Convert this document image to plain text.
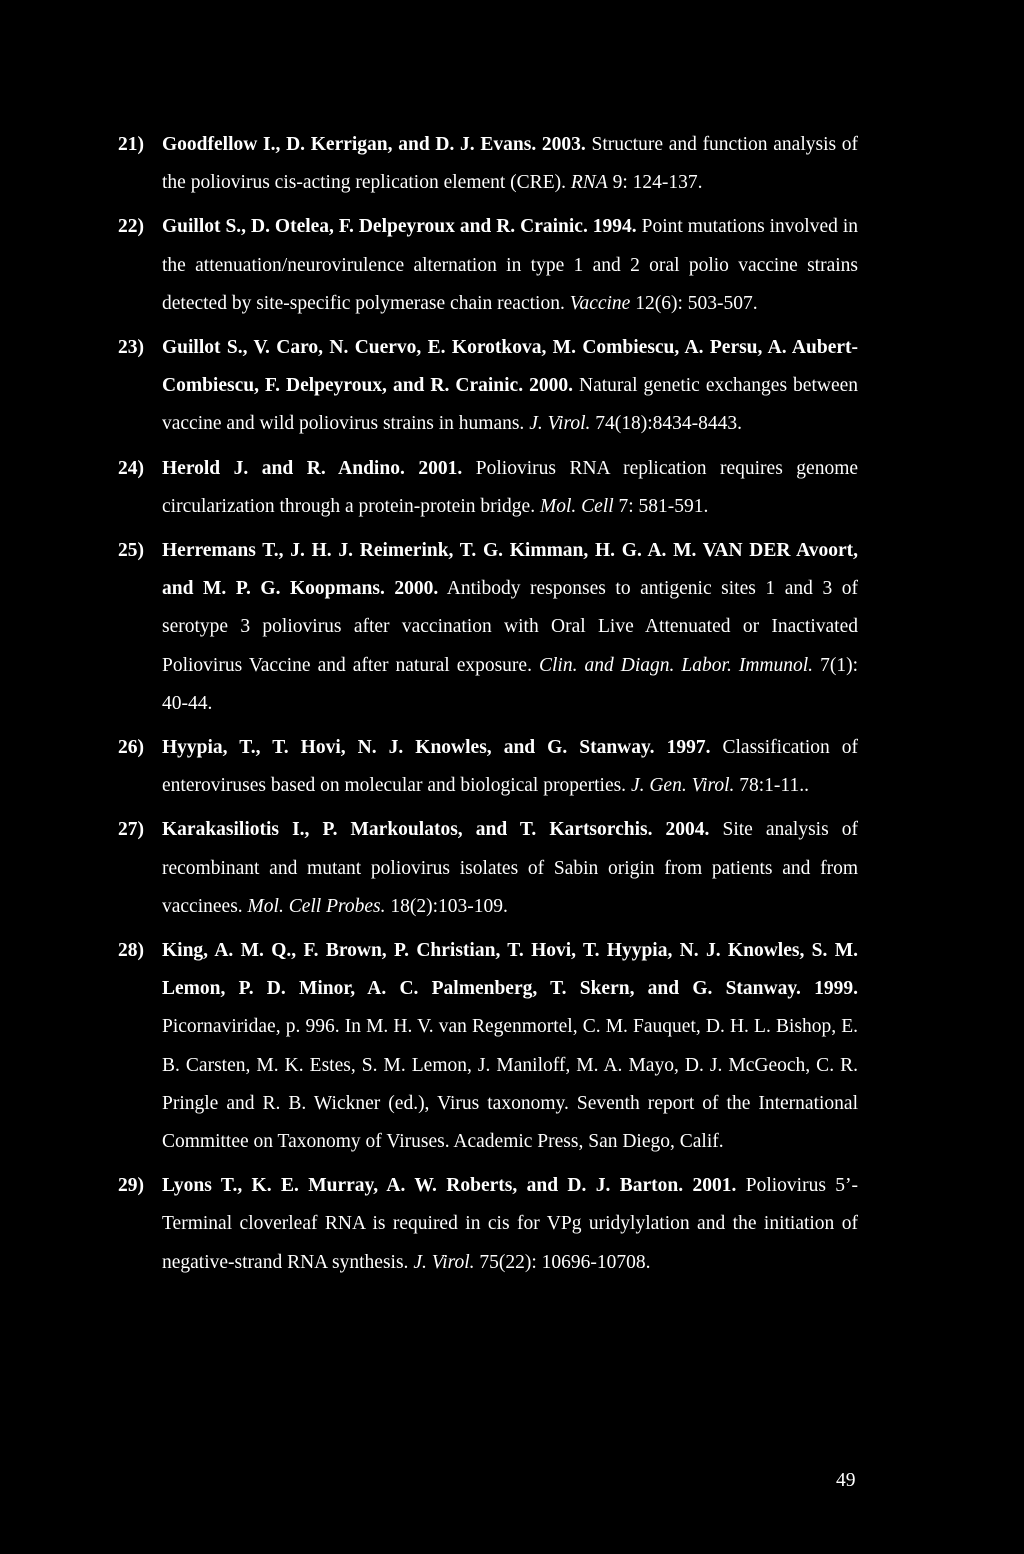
21) Goodfellow I., D. Kerrigan, and D. J. Evans. 2003. Structure and function analysis of the poliovirus cis-acting replication element (CRE). RNA 9: 124-137.
22) Guillot S., D. Otelea, F. Delpeyroux and R. Crainic. 1994. Point mutations involved in the attenuation/neurovirulence alternation in type 1 and 2 oral polio vaccine strains detected by site-specific polymerase chain reaction. Vaccine 12(6): 503-507.
23) Guillot S., V. Caro, N. Cuervo, E. Korotkova, M. Combiescu, A. Persu, A. Aubert- Combiescu, F. Delpeyroux, and R. Crainic. 2000. Natural genetic exchanges between vaccine and wild poliovirus strains in humans. J. Virol. 74(18):8434-8443.
24) Herold J. and R. Andino. 2001. Poliovirus RNA replication requires genome circularization through a protein-protein bridge. Mol. Cell 7: 581-591.
25) Herremans T., J. H. J. Reimerink, T. G. Kimman, H. G. A. M. VAN DER Avoort, and M. P. G. Koopmans. 2000. Antibody responses to antigenic sites 1 and 3 of serotype 3 poliovirus after vaccination with Oral Live Attenuated or Inactivated Poliovirus Vaccine and after natural exposure. Clin. and Diagn. Labor. Immunol. 7(1): 40-44.
26) Hyypia, T., T. Hovi, N. J. Knowles, and G. Stanway. 1997. Classification of enteroviruses based on molecular and biological properties. J. Gen. Virol. 78:1-11..
27) Karakasiliotis I., P. Markoulatos, and T. Kartsorchis. 2004. Site analysis of recombinant and mutant poliovirus isolates of Sabin origin from patients and from vaccinees. Mol. Cell Probes. 18(2):103-109.
28) King, A. M. Q., F. Brown, P. Christian, T. Hovi, T. Hyypia, N. J. Knowles, S. M. Lemon, P. D. Minor, A. C. Palmenberg, T. Skern, and G. Stanway. 1999. Picornaviridae, p. 996. In M. H. V. van Regenmortel, C. M. Fauquet, D. H. L. Bishop, E. B. Carsten, M. K. Estes, S. M. Lemon, J. Maniloff, M. A. Mayo, D. J. McGeoch, C. R. Pringle and R. B. Wickner (ed.), Virus taxonomy. Seventh report of the International Committee on Taxonomy of Viruses. Academic Press, San Diego, Calif.
29) Lyons T., K. E. Murray, A. W. Roberts, and D. J. Barton. 2001. Poliovirus 5’-Terminal cloverleaf RNA is required in cis for VPg uridylylation and the initiation of negative-strand RNA synthesis. J. Virol. 75(22): 10696-10708.
49
